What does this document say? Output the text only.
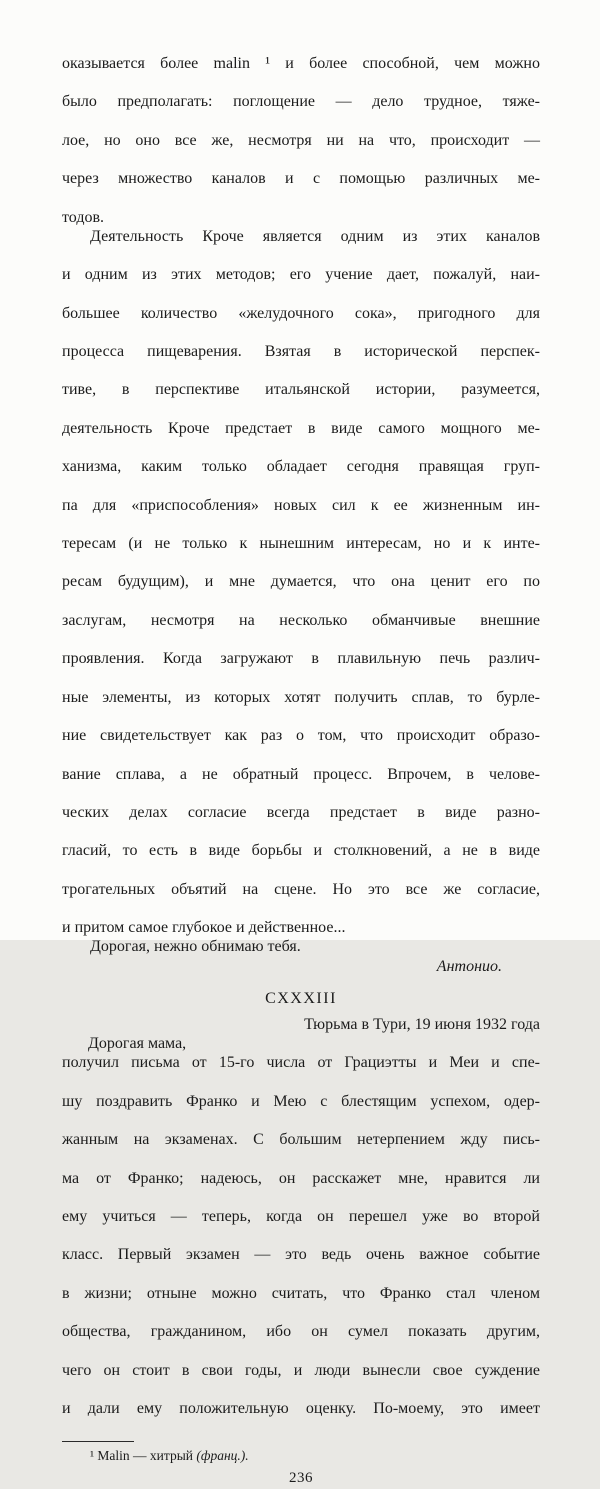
оказывается более malin ¹ и более способной, чем можно
было предполагать: поглощение — дело трудное, тяже-
лое, но оно все же, несмотря ни на что, происходит —
через множество каналов и с помощью различных ме-
тодов.
Деятельность Кроче является одним из этих каналов
и одним из этих методов; его учение дает, пожалуй, наи-
большее количество «желудочного сока», пригодного для
процесса пищеварения. Взятая в исторической перспек-
тиве, в перспективе итальянской истории, разумеется,
деятельность Кроче предстает в виде самого мощного ме-
ханизма, каким только обладает сегодня правящая груп-
па для «приспособления» новых сил к ее жизненным ин-
тересам (и не только к нынешним интересам, но и к инте-
ресам будущим), и мне думается, что она ценит его по
заслугам, несмотря на несколько обманчивые внешние
проявления. Когда загружают в плавильную печь различ-
ные элементы, из которых хотят получить сплав, то бурле-
ние свидетельствует как раз о том, что происходит образо-
вание сплава, а не обратный процесс. Впрочем, в челове-
ческих делах согласие всегда предстает в виде разно-
гласий, то есть в виде борьбы и столкновений, а не в виде
трогательных объятий на сцене. Но это все же согласие,
и притом самое глубокое и действенное...
Дорогая, нежно обнимаю тебя.
Антонио.
CXXXIII
Тюрьма в Тури, 19 июня 1932 года
Дорогая мама,
получил письма от 15-го числа от Грациэтты и Меи и спе-
шу поздравить Франко и Мею с блестящим успехом, одер-
жанным на экзаменах. С большим нетерпением жду пись-
ма от Франко; надеюсь, он расскажет мне, нравится ли
ему учиться — теперь, когда он перешел уже во второй
класс. Первый экзамен — это ведь очень важное событие
в жизни; отныне можно считать, что Франко стал членом
общества, гражданином, ибо он сумел показать другим,
чего он стоит в свои годы, и люди вынесли свое суждение
и дали ему положительную оценку. По-моему, это имеет
¹ Malin — хитрый (франц.).
236
